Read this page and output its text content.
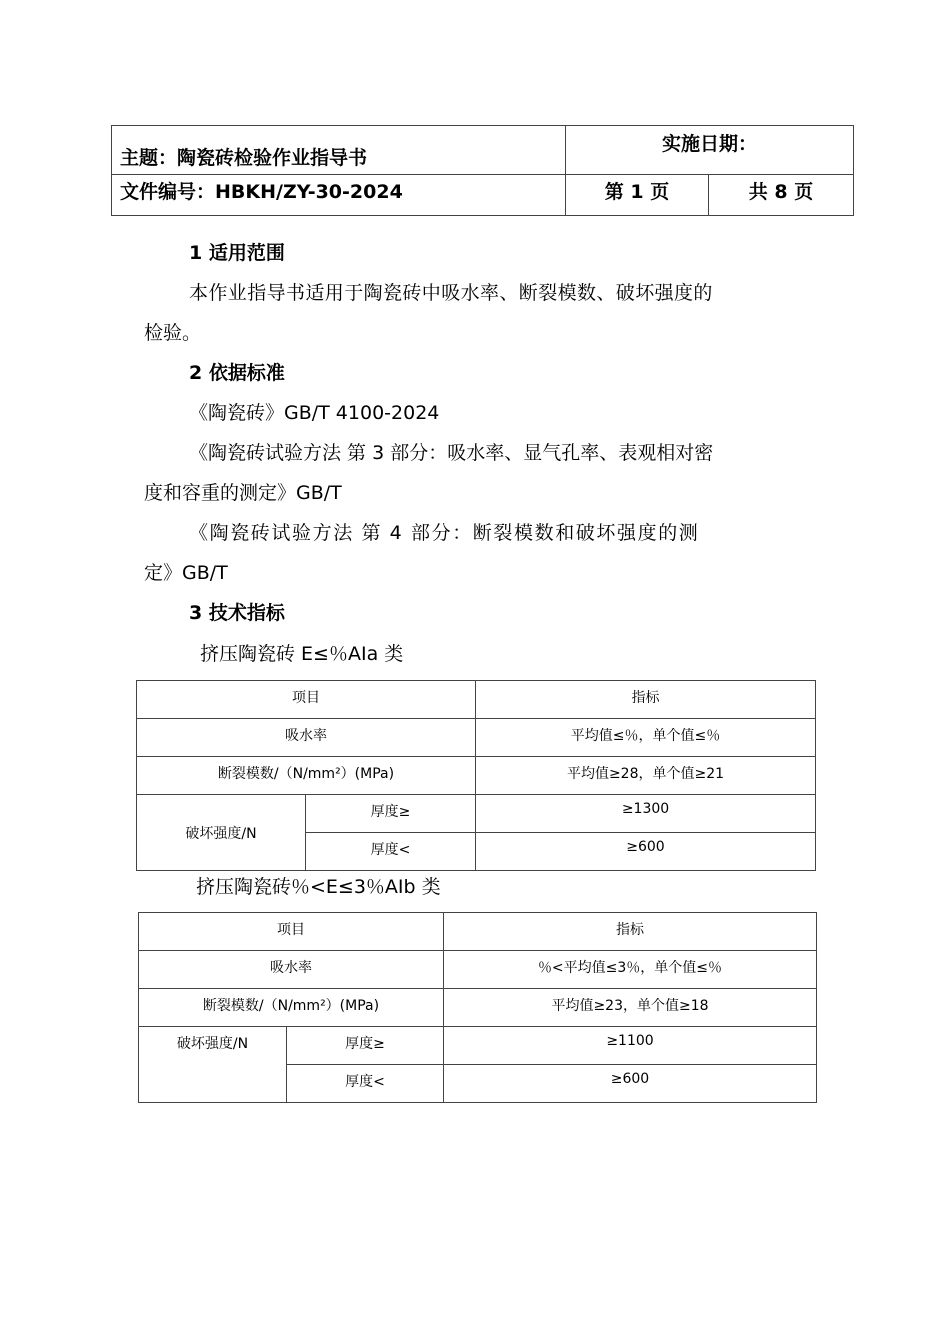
主题：陶瓷砖检验作业指导书	实施日期：	
文件编号：HBKH/ZY-30-2024	第 1 页	共 8 页
1 适用范围
本作业指导书适用于陶瓷砖中吸水率、断裂模数、破坏强度的
检验。
2 依据标准
《陶瓷砖》GB/T 4100-2024
《陶瓷砖试验方法 第 3 部分：吸水率、显气孔率、表观相对密
度和容重的测定》GB/T
《陶瓷砖试验方法 第 4 部分：断裂模数和破坏强度的测
定》GB/T
3 技术指标
挤压陶瓷砖 E≤％AIa 类
项目		指标
吸水率		平均值≤％，单个值≤％
断裂模数/（N/mm²）(MPa)		平均值≥28，单个值≥21
破坏强度/N	厚度≥	≥1300
	厚度<	≥600
挤压陶瓷砖％<E≤3％AIb 类
项目		指标
吸水率		％<平均值≤3％，单个值≤％
断裂模数/（N/mm²）(MPa)		平均值≥23，单个值≥18
破坏强度/N	厚度≥	≥1100
	厚度<	≥600
